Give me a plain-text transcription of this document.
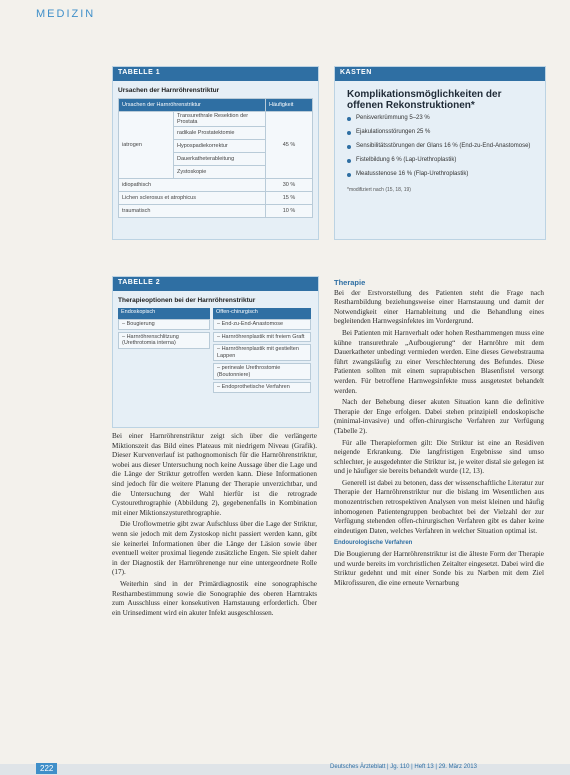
MEDIZIN
TABELLE 1
Ursachen der Harnröhrenstriktur
Ursachen der Harnröhrenstriktur		Häufigkeit
iatrogen	Transurethrale Resektion der Prostata	45 %
	radikale Prostatektomie	
	Hypospadiekorrektur	
	Dauerkatheterableitung	
	Zystoskopie	
idiopathisch		30 %
Lichen sclerosus et atrophicus		15 %
traumatisch		10 %
KASTEN
Komplikationsmöglichkeiten der offenen Rekonstruktionen*
Penisverkrümmung 5–23 %
Ejakulationsstörungen 25 %
Sensibilitätsstörungen der Glans 16 % (End-zu-End-Anastomose)
Fistelbildung 6 % (Lap-Urethroplastik)
Meatusstenose 16 % (Flap-Urethroplastik)
*modifiziert nach (15, 18, 19)
TABELLE 2
Therapieoptionen bei der Harnröhrenstriktur
Endoskopisch
– Bougierung
– Harnröhrenschlitzung (Urethrotomia interna)
Offen-chirurgisch
– End-zu-End-Anastomose
– Harnröhrenplastik mit freiem Graft
– Harnröhrenplastik mit gestielten Lappen
– perineale Urethrostomie (Boutonniere)
– Endoprothetische Verfahren

Bei einer Harnröhrenstriktur zeigt sich über die verlängerte Miktionszeit das Bild eines Plateaus mit niedrigem Niveau (Grafik). Dieser Kurvenverlauf ist pathognomonisch für die Harnröhrenstriktur, wobei aus dieser Untersuchung noch keine Aussage über die Lage und die Länge der Striktur getroffen werden kann. Diese Informationen sind jedoch für die weitere Planung der Therapie unverzichtbar, und die Untersuchung der Wahl hierfür ist die retrograde Cystourethrographie (Abbildung 2), gegebenenfalls in Kombination mit einer Miktionszysturethrographie.

Die Uroflowmetrie gibt zwar Aufschluss über die Lage der Striktur, wenn sie jedoch mit dem Zystoskop nicht passiert werden kann, gibt sie keinerlei Informationen über die Länge der Läsion sowie über eventuell weiter proximal liegende zusätzliche Engen. Sie spielt daher in der Diagnostik der Harnröhrenenge nur eine untergeordnete Rolle (17).

Weiterhin sind in der Primärdiagnostik eine sonographische Restharnbestimmung sowie die Sonographie des oberen Harntrakts zum Ausschluss einer konsekutiven Harnstauung erforderlich. Über ein Urinsediment wird ein akuter Infekt ausgeschlossen.

Therapie

Bei der Erstvorstellung des Patienten steht die Frage nach Restharnbildung beziehungsweise einer Harnstauung und damit der Notwendigkeit einer Harnableitung und die Behandlung eines begleitenden Harnwegsinfektes im Vordergrund.

Bei Patienten mit Harnverhalt oder hohen Restharnmengen muss eine kühne transurethrale „Aufbougierung“ der Harnröhre mit dem Dauerkatheter unbedingt vermieden werden. Eine dieses Gewebstrauma führt zwangsläufig zu einer Verschlechterung des Befundes. Diese Patienten sollten mit einem suprapubischen Blasenfistel versorgt werden. Für betroffene Harnwegsinfekte muss ausgetestet behandelt werden.

Nach der Behebung dieser akuten Situation kann die definitive Therapie der Enge erfolgen. Dabei stehen prinzipiell endoskopische (minimal-invasive) und offen-chirurgische Verfahren zur Verfügung (Tabelle 2).

Für alle Therapieformen gilt: Die Striktur ist eine an Residiven neigende Erkrankung. Die langfristigen Ergebnisse sind umso schlechter, je ausgedehnter die Striktur ist, je weiter distal sie gelegen ist und je häufiger sie bereits behandelt wurde (12, 13).

Generell ist dabei zu betonen, dass der wissenschaftliche Literatur zur Therapie der Harnröhrenstriktur nur die bislang im Wesentlichen aus monozentrischen retrospektiven Analysen von meist kleinen und häufig inhomogenen Patientengruppen beobachtet bei der Vielzahl der zur Verfügung stehenden offen-chirurgischen Verfahren gibt es daher keine eindeutigen Daten, welches Verfahren in welcher Situation optimal ist.

Endourologische Verfahren

Die Bougierung der Harnröhrenstriktur ist die älteste Form der Therapie und wurde bereits im vorchristlichen Zeitalter eingesetzt. Dabei wird die Striktur gedehnt und mit einer Sonde bis zu Narben mit dem Ziel Mikrofissuren, die eine erneute Vernarbung

222	Deutsches Ärzteblatt | Jg. 110 | Heft 13 | 29. März 2013
